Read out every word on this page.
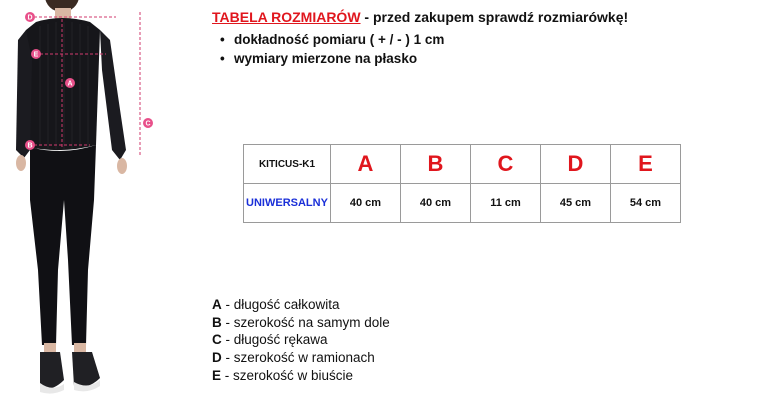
D
E
A
C
B
TABELA ROZMIARÓW - przed zakupem sprawdź rozmiarówkę!
• dokładność pomiaru ( + / - ) 1 cm
• wymiary mierzone na płasko
KITICUS-K1	A	B	C	D	E
UNIWERSALNY	40 cm	40 cm	11 cm	45 cm	54 cm
A - długość całkowita
B - szerokość na samym dole
C - długość rękawa
D - szerokość w ramionach
E - szerokość w biuście
